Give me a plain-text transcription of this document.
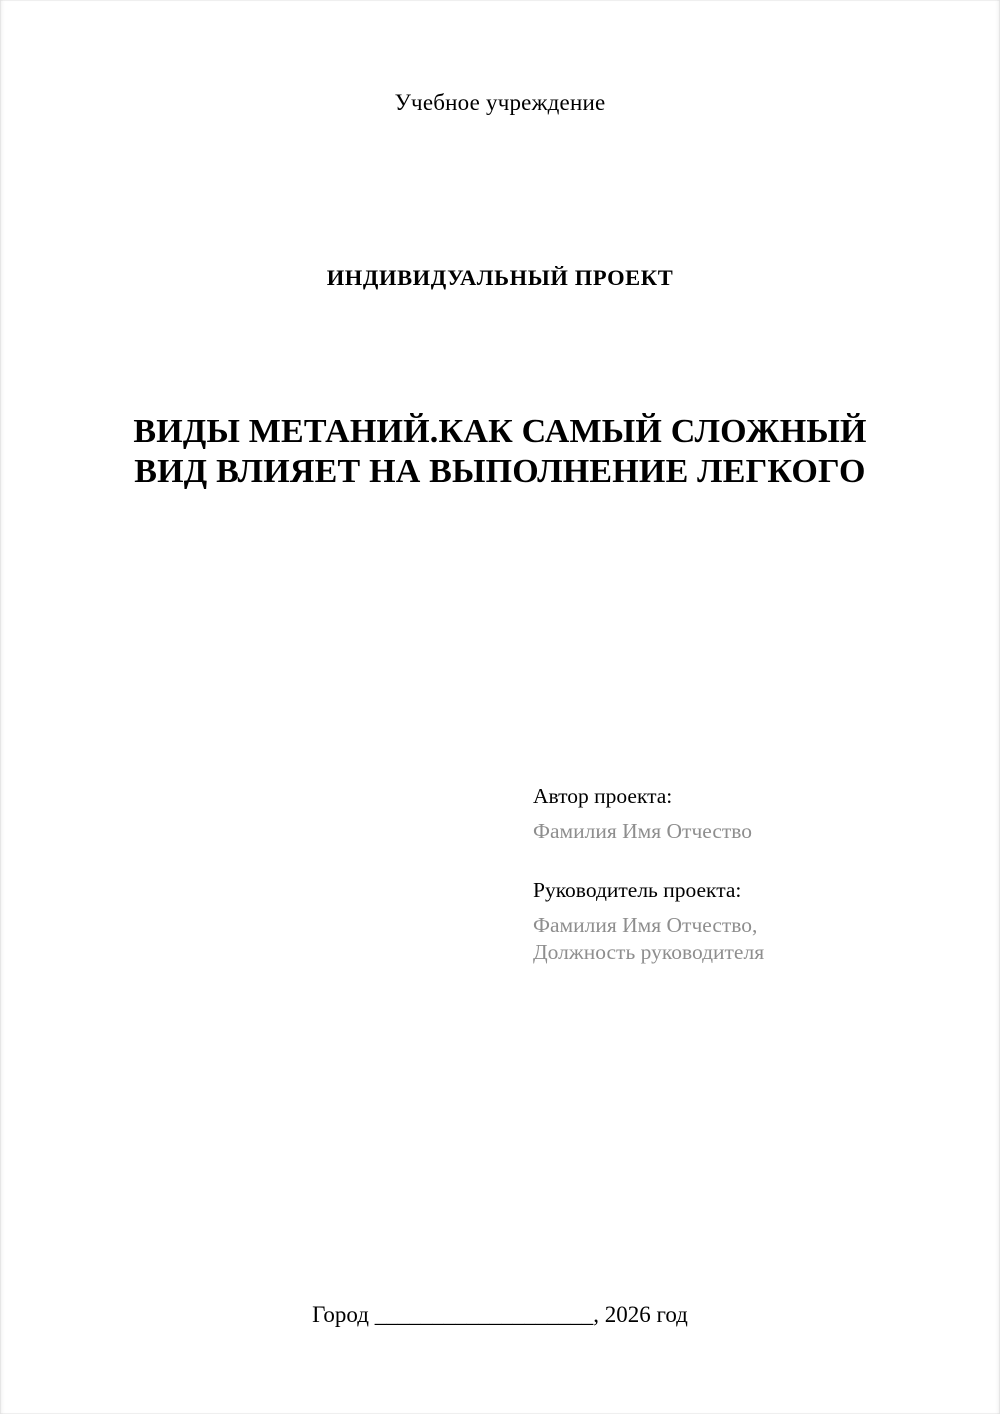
Учебное учреждение
ИНДИВИДУАЛЬНЫЙ ПРОЕКТ
ВИДЫ МЕТАНИЙ.КАК САМЫЙ СЛОЖНЫЙ ВИД ВЛИЯЕТ НА ВЫПОЛНЕНИЕ ЛЕГКОГО

Автор проекта:

Фамилия Имя Отчество

Руководитель проекта:

Фамилия Имя Отчество,

Должность руководителя

Город ___________________, 2026 год
